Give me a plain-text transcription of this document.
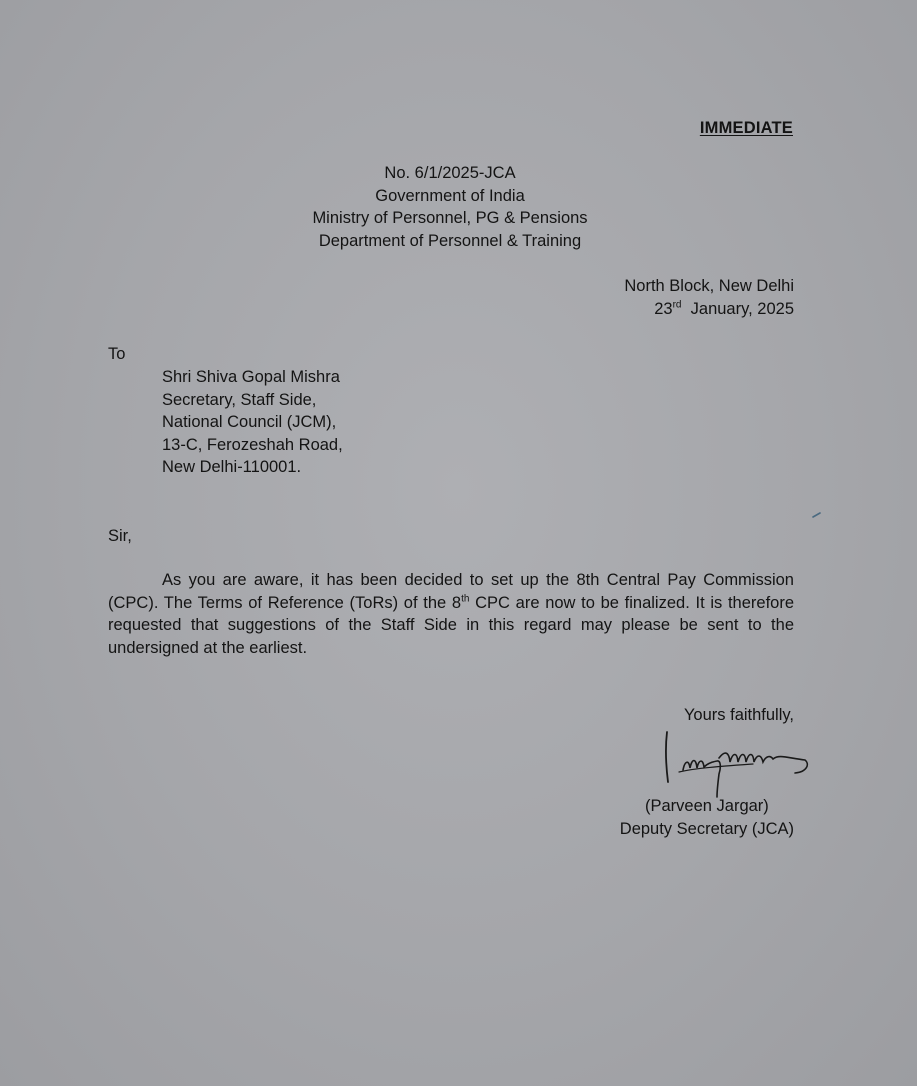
IMMEDIATE
No. 6/1/2025-JCA
Government of India
Ministry of Personnel, PG & Pensions
Department of Personnel & Training
North Block, New Delhi
23rd January, 2025
To
Shri Shiva Gopal Mishra
Secretary, Staff Side,
National Council (JCM),
13-C, Ferozeshah Road,
New Delhi-110001.
Sir,
As you are aware, it has been decided to set up the 8th Central Pay Commission (CPC). The Terms of Reference (ToRs) of the 8th CPC are now to be finalized. It is therefore requested that suggestions of the Staff Side in this regard may please be sent to the undersigned at the earliest.
Yours faithfully,
(Parveen Jargar)
Deputy Secretary (JCA)
